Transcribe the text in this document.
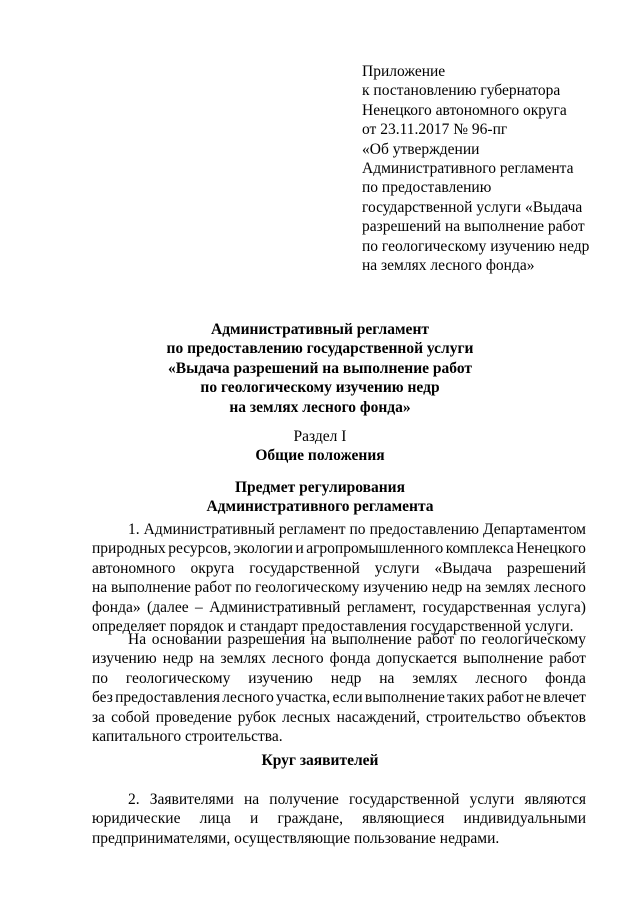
Приложение
к постановлению губернатора
Ненецкого автономного округа
от 23.11.2017 № 96-пг
«Об утверждении
Административного регламента
по предоставлению
государственной услуги «Выдача
разрешений на выполнение работ
по геологическому изучению недр
на землях лесного фонда»
Административный регламент
по предоставлению государственной услуги
«Выдача разрешений на выполнение работ
по геологическому изучению недр
на землях лесного фонда»
Раздел I
Общие положения
Предмет регулирования
Административного регламента
1. Административный регламент по предоставлению Департаментом
природных ресурсов, экологии и агропромышленного комплекса Ненецкого
автономного округа государственной услуги «Выдача разрешений
на выполнение работ по геологическому изучению недр на землях лесного
фонда» (далее – Административный регламент, государственная услуга)
определяет порядок и стандарт предоставления государственной услуги.
На основании разрешения на выполнение работ по геологическому
изучению недр на землях лесного фонда допускается выполнение работ
по геологическому изучению недр на землях лесного фонда
без предоставления лесного участка, если выполнение таких работ не влечет
за собой проведение рубок лесных насаждений, строительство объектов
капитального строительства.
Круг заявителей
2. Заявителями на получение государственной услуги являются
юридические лица и граждане, являющиеся индивидуальными
предпринимателями, осуществляющие пользование недрами.
